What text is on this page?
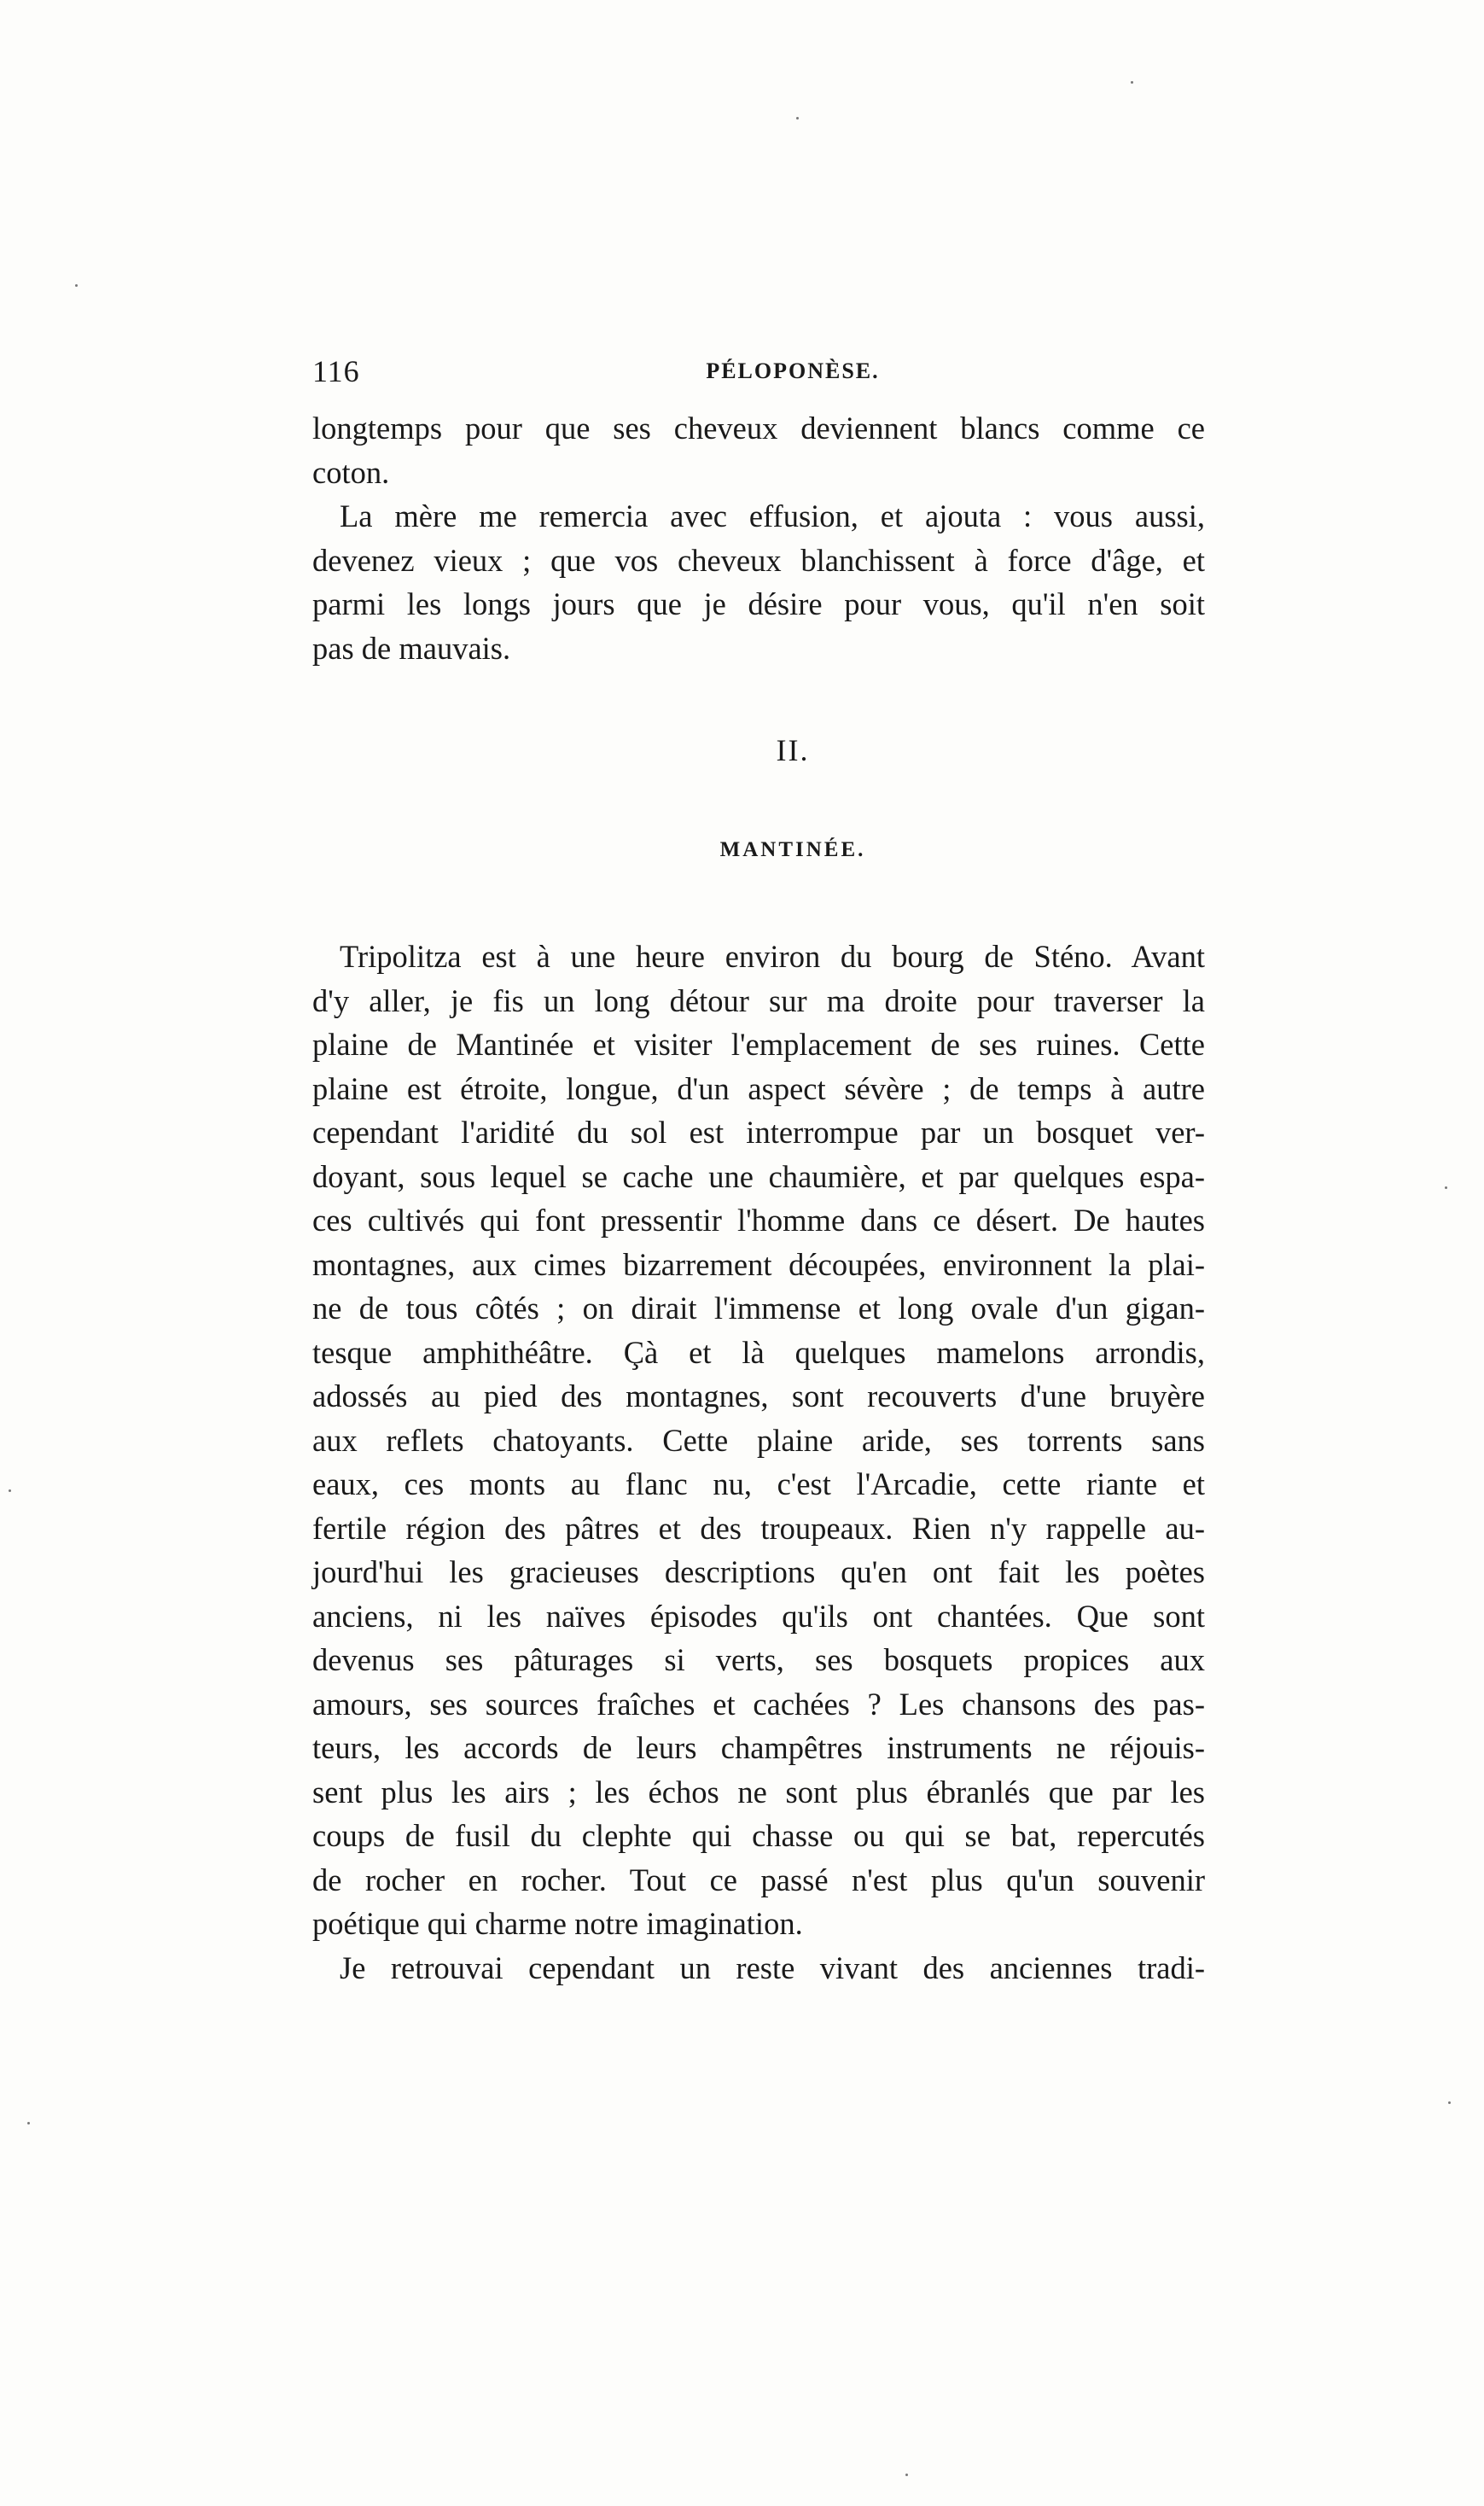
116	PÉLOPONÈSE.
longtemps pour que ses cheveux deviennent blancs comme ce
coton.
La mère me remercia avec effusion, et ajouta : vous aussi,
devenez vieux ; que vos cheveux blanchissent à force d'âge, et
parmi les longs jours que je désire pour vous, qu'il n'en soit
pas de mauvais.
II.
MANTINÉE.
Tripolitza est à une heure environ du bourg de Sténo. Avant
d'y aller, je fis un long détour sur ma droite pour traverser la
plaine de Mantinée et visiter l'emplacement de ses ruines. Cette
plaine est étroite, longue, d'un aspect sévère ; de temps à autre
cependant l'aridité du sol est interrompue par un bosquet ver-
doyant, sous lequel se cache une chaumière, et par quelques espa-
ces cultivés qui font pressentir l'homme dans ce désert. De hautes
montagnes, aux cimes bizarrement découpées, environnent la plai-
ne de tous côtés ; on dirait l'immense et long ovale d'un gigan-
tesque amphithéâtre. Çà et là quelques mamelons arrondis,
adossés au pied des montagnes, sont recouverts d'une bruyère
aux reflets chatoyants. Cette plaine aride, ses torrents sans
eaux, ces monts au flanc nu, c'est l'Arcadie, cette riante et
fertile région des pâtres et des troupeaux. Rien n'y rappelle au-
jourd'hui les gracieuses descriptions qu'en ont fait les poètes
anciens, ni les naïves épisodes qu'ils ont chantées. Que sont
devenus ses pâturages si verts, ses bosquets propices aux
amours, ses sources fraîches et cachées ? Les chansons des pas-
teurs, les accords de leurs champêtres instruments ne réjouis-
sent plus les airs ; les échos ne sont plus ébranlés que par les
coups de fusil du clephte qui chasse ou qui se bat, repercutés
de rocher en rocher. Tout ce passé n'est plus qu'un souvenir
poétique qui charme notre imagination.
Je retrouvai cependant un reste vivant des anciennes tradi-
